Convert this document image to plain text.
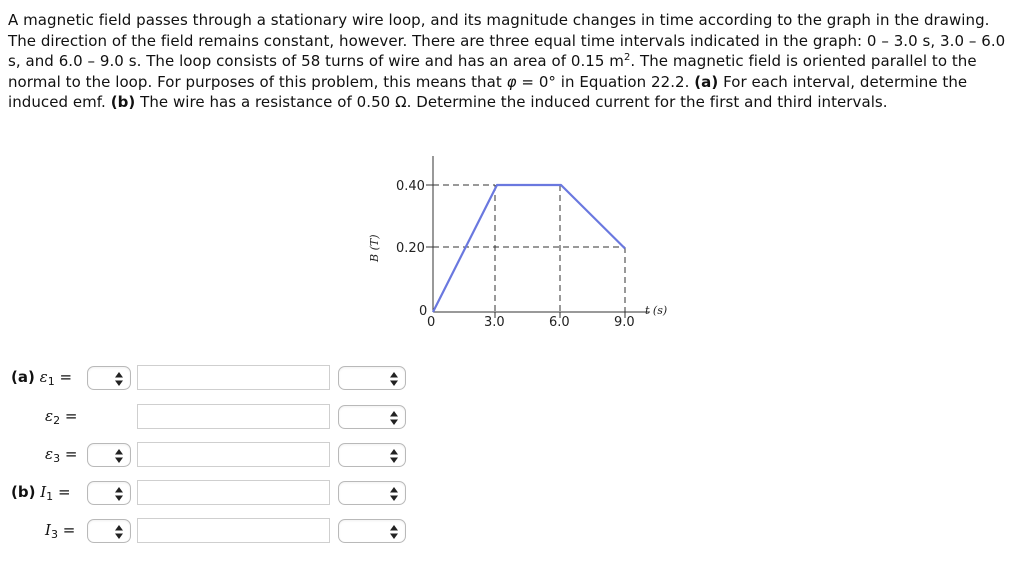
A magnetic field passes through a stationary wire loop, and its magnitude changes in time according to the graph in the drawing. The direction of the field remains constant, however. There are three equal time intervals indicated in the graph: 0 – 3.0 s, 3.0 – 6.0 s, and 6.0 – 9.0 s. The loop consists of 58 turns of wire and has an area of 0.15 $m^2$. The magnetic field is oriented parallel to the normal to the loop. For purposes of this problem, this means that φ = 0° in Equation 22.2. (a) For each interval, determine the induced emf. (b) The wire has a resistance of 0.50 Ω. Determine the induced current for the first and third intervals.
0.40
0.20
0
0	3.0	6.0	9.0
t (s)
B (T)
(a) $\varepsilon_1$ =
$\varepsilon_2$ =
$\varepsilon_3$ =
(b) $I_1$ =
$I_3$ =
